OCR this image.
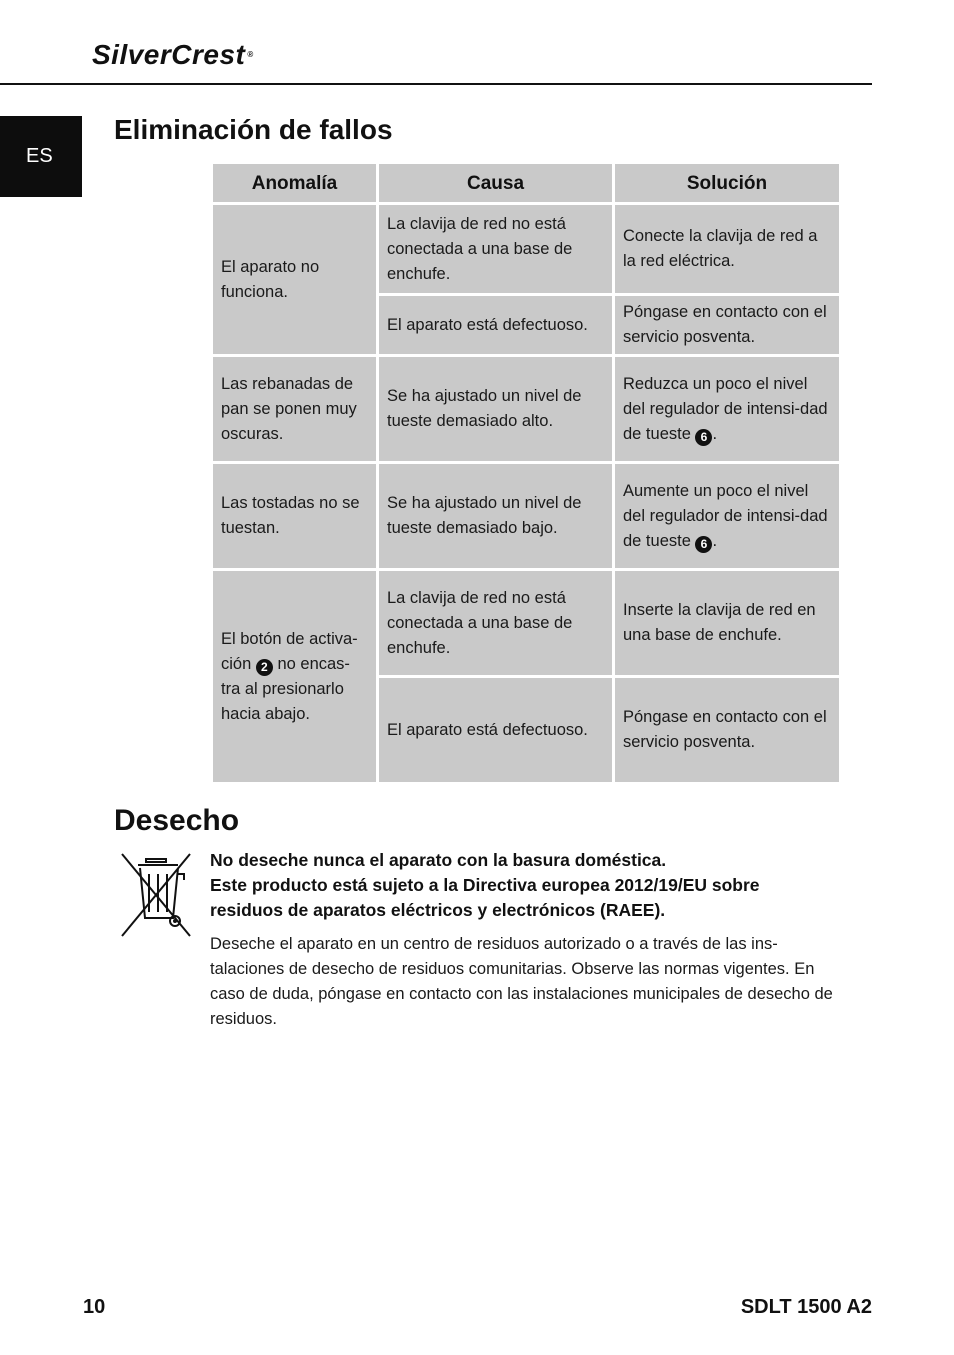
SilverCrest ®
ES
Eliminación de fallos
Anomalía	Causa	Solución
El aparato no funciona.	La clavija de red no está conectada a una base de enchufe.	Conecte la clavija de red a la red eléctrica.
	El aparato está defectuoso.	Póngase en contacto con el servicio posventa.
Las rebanadas de pan se ponen muy oscuras.	Se ha ajustado un nivel de tueste demasiado alto.	Reduzca un poco el nivel del regulador de intensi-dad de tueste 6 .
Las tostadas no se tuestan.	Se ha ajustado un nivel de tueste demasiado bajo.	Aumente un poco el nivel del regulador de intensi-dad de tueste 6 .
El botón de activa-ción 2 no encas-tra al presionarlo hacia abajo.	La clavija de red no está conectada a una base de enchufe.	Inserte la clavija de red en una base de enchufe.
	El aparato está defectuoso.	Póngase en contacto con el servicio posventa.
Desecho

No deseche nunca el aparato con la basura doméstica.

Este producto está sujeto a la Directiva europea 2012/19/EU sobre residuos de aparatos eléctricos y electrónicos (RAEE).

Deseche el aparato en un centro de residuos autorizado o a través de las ins-talaciones de desecho de residuos comunitarias. Observe las normas vigentes. En caso de duda, póngase en contacto con las instalaciones municipales de desecho de residuos.

10	SDLT 1500 A2
